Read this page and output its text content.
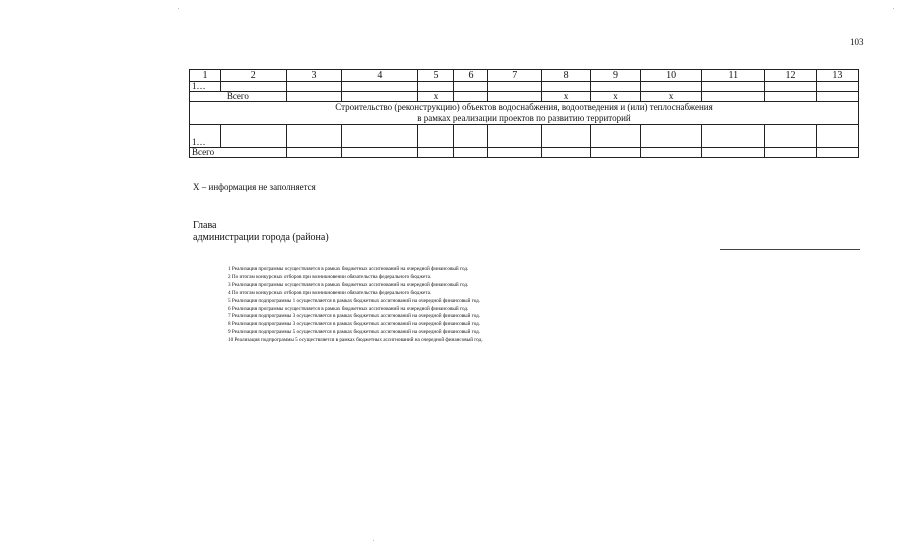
103
1	2	3	4	5	6	7	8	9	10	11	12	13
1…												
Всего				x			x	x	x			

Строительство (реконструкцию) объектов водоснабжения, водоотведения и (или) теплоснабжения
в рамках реализации проектов по развитию территорий												

1…												
Всего												
Х – информация не заполняется
Глава
администрации города (района)
1 Реализация программы осуществляется в рамках бюджетных ассигнований на очередной финансовый год.
2 По итогам конкурсных отборов при возникновении обязательства федерального бюджета.
3 Реализация программы осуществляется в рамках бюджетных ассигнований на очередной финансовый год.
4 По итогам конкурсных отборов при возникновении обязательства федерального бюджета.
5 Реализация подпрограммы 1 осуществляется в рамках бюджетных ассигнований на очередной финансовый год.
6 Реализация программы осуществляется в рамках бюджетных ассигнований на очередной финансовый год.
7 Реализация подпрограммы 3 осуществляется в рамках бюджетных ассигнований на очередной финансовый год.
8 Реализация подпрограммы 3 осуществляется в рамках бюджетных ассигнований на очередной финансовый год.
9 Реализация подпрограммы 5 осуществляется в рамках бюджетных ассигнований на очередной финансовый год.
10 Реализация подпрограммы 5 осуществляется в рамках бюджетных ассигнований на очередной финансовый год.
